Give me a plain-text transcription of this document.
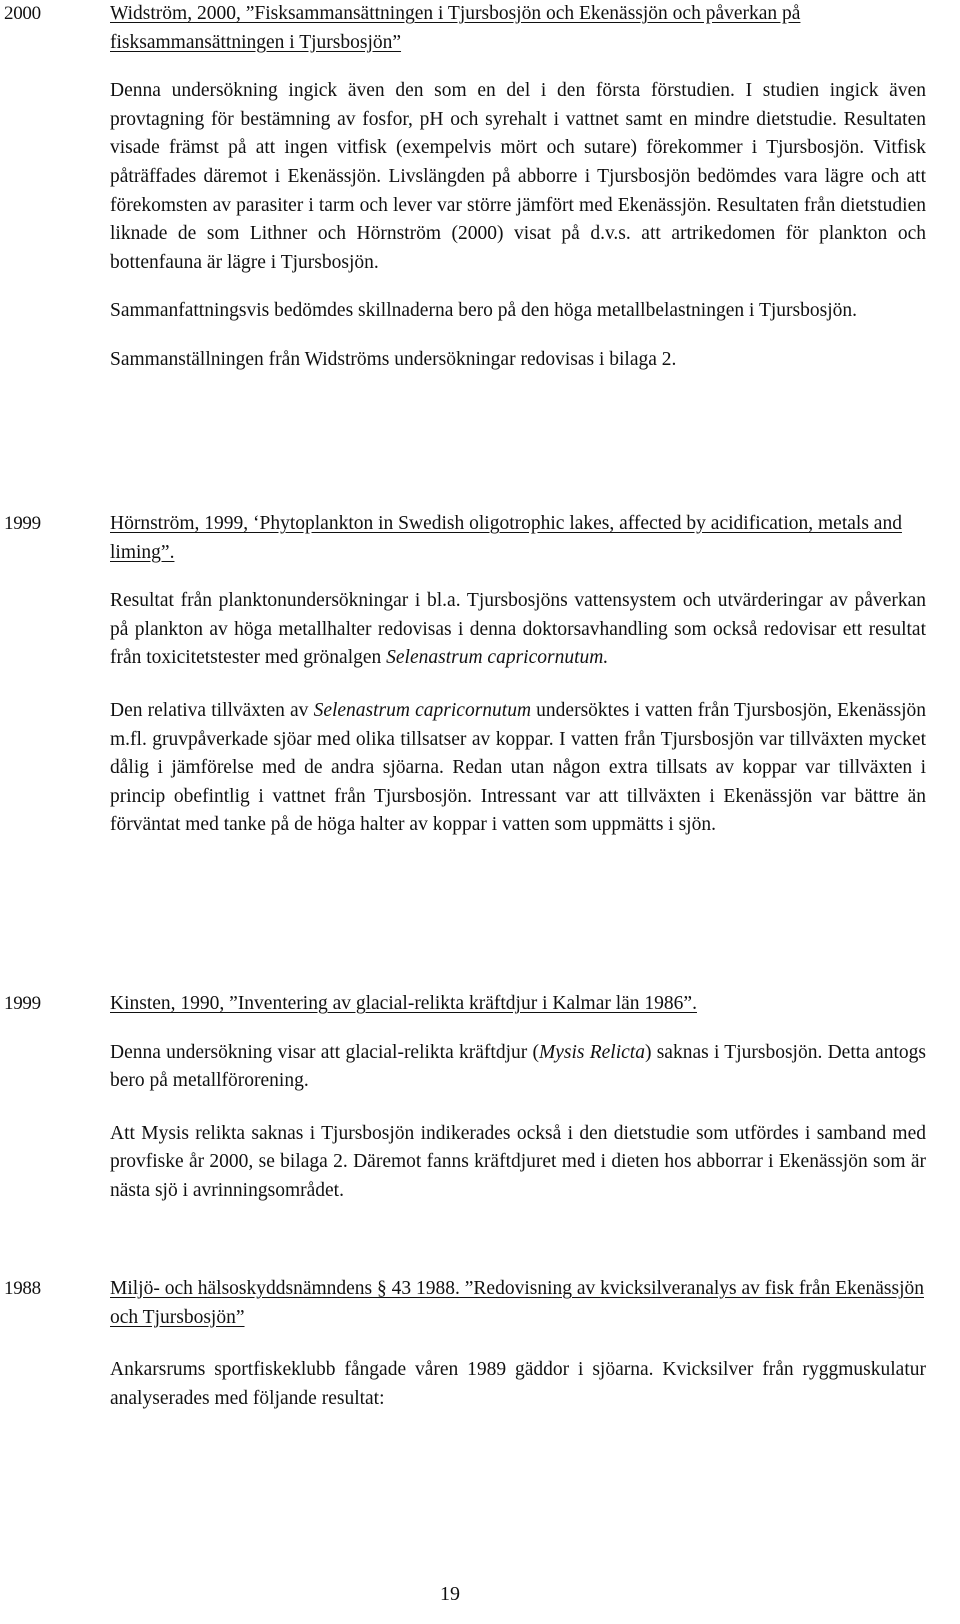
2000	Widström, 2000, ”Fisksammansättningen i Tjursbosjön och Ekenässjön och påverkan på fisksammansättningen i Tjursbosjön”

Denna undersökning ingick även den som en del i den första förstudien. I studien ingick även provtagning för bestämning av fosfor, pH och syrehalt i vattnet samt en mindre dietstudie. Resultaten visade främst på att ingen vitfisk (exempelvis mört och sutare) förekommer i Tjursbosjön. Vitfisk påträffades däremot i Ekenässjön. Livslängden på abborre i Tjursbosjön bedömdes vara lägre och att förekomsten av parasiter i tarm och lever var större jämfört med Ekenässjön. Resultaten från dietstudien liknade de som Lithner och Hörnström (2000) visat på d.v.s. att artrikedomen för plankton och bottenfauna är lägre i Tjursbosjön.

Sammanfattningsvis bedömdes skillnaderna bero på den höga metallbelastningen i Tjursbosjön.

Sammanställningen från Widströms undersökningar redovisas i bilaga 2.

1999	Hörnström, 1999, ‘Phytoplankton in Swedish oligotrophic lakes, affected by acidification, metals and liming”.

Resultat från planktonundersökningar i bl.a. Tjursbosjöns vattensystem och utvärderingar av påverkan på plankton av höga metallhalter redovisas i denna doktorsavhandling som också redovisar ett resultat från toxicitetstester med grönalgen Selenastrum capricornutum.

Den relativa tillväxten av Selenastrum capricornutum undersöktes i vatten från Tjursbosjön, Ekenässjön m.fl. gruvpåverkade sjöar med olika tillsatser av koppar. I vatten från Tjursbosjön var tillväxten mycket dålig i jämförelse med de andra sjöarna. Redan utan någon extra tillsats av koppar var tillväxten i princip obefintlig i vattnet från Tjursbosjön. Intressant var att tillväxten i Ekenässjön var bättre än förväntat med tanke på de höga halter av koppar i vatten som uppmätts i sjön.

1999	Kinsten, 1990, ”Inventering av glacial-relikta kräftdjur i Kalmar län 1986”.

Denna undersökning visar att glacial-relikta kräftdjur (Mysis Relicta) saknas i Tjursbosjön. Detta antogs bero på metallförorening.

Att Mysis relikta saknas i Tjursbosjön indikerades också i den dietstudie som utfördes i samband med provfiske år 2000, se bilaga 2. Däremot fanns kräftdjuret med i dieten hos abborrar i Ekenässjön som är nästa sjö i avrinningsområdet.

1988	Miljö- och hälsoskyddsnämndens § 43 1988. ”Redovisning av kvicksilveranalys av fisk från Ekenässjön och Tjursbosjön”

Ankarsrums sportfiskeklubb fångade våren 1989 gäddor i sjöarna. Kvicksilver från ryggmuskulatur analyserades med följande resultat:

19
